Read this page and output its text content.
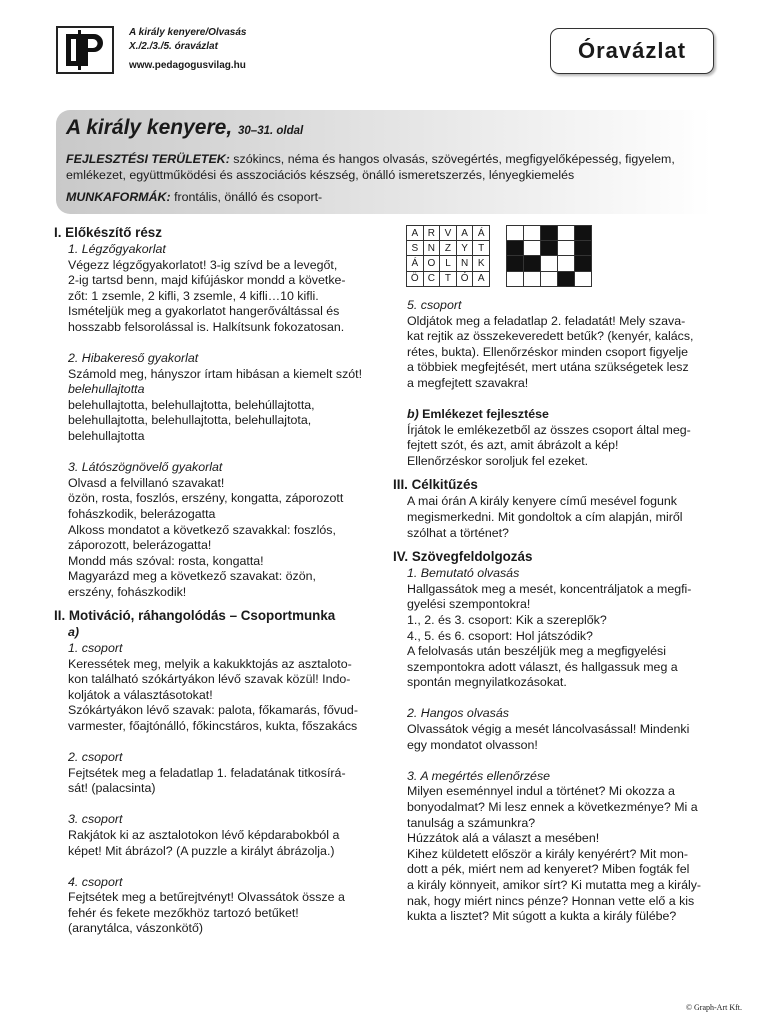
A király kenyere/Olvasás
X./2./3./5. óravázlat
www.pedagogusvilag.hu
Óravázlat
A király kenyere, 30–31. oldal
FEJLESZTÉSI TERÜLETEK: szókincs, néma és hangos olvasás, szövegértés, megfigyelőképesség, figyelem, emlékezet, együttműködési és asszociációs készség, önálló ismeretszerzés, lényegkiemelés
MUNKAFORMÁK: frontális, önálló és csoport-
I. Előkészítő rész
1. Légzőgyakorlat
Végezz légzőgyakorlatot! 3-ig szívd be a levegőt,
2-ig tartsd benn, majd kifújáskor mondd a követke-
zőt: 1 zsemle, 2 kifli, 3 zsemle, 4 kifli…10 kifli.
Ismételjük meg a gyakorlatot hangerőváltással és
hosszabb felsorolással is. Halkítsunk fokozatosan.
2. Hibakereső gyakorlat
Számold meg, hányszor írtam hibásan a kiemelt szót!
belehullajtotta
belehullajtotta, belehullajtotta, belehúllajtotta,
belehullajtotta, belehullajtotta, belehullajtota,
belehullajtotta
3. Látószögnövelő gyakorlat
Olvasd a felvillanó szavakat!
özön, rosta, foszlós, erszény, kongatta, záporozott
fohászkodik, belerázogatta
Alkoss mondatot a következő szavakkal: foszlós,
záporozott, belerázogatta!
Mondd más szóval: rosta, kongatta!
Magyarázd meg a következő szavakat: özön,
erszény, fohászkodik!
II. Motiváció, ráhangolódás – Csoportmunka
a)
1. csoport
Keressétek meg, melyik a kakukktojás az asztaloto-
kon található szókártyákon lévő szavak közül! Indo-
koljátok a választásotokat!
Szókártyákon lévő szavak: palota, főkamarás, fővud-
varmester, főajtónálló, főkincstáros, kukta, főszakács
2. csoport
Fejtsétek meg a feladatlap 1. feladatának titkosírá-
sát! (palacsinta)
3. csoport
Rakjátok ki az asztalotokon lévő képdarabokból a
képet! Mit ábrázol? (A puzzle a királyt ábrázolja.)
4. csoport
Fejtsétek meg a betűrejtvényt! Olvassátok össze a
fehér és fekete mezőkhöz tartozó betűket!
(aranytálca, vászonkötő)
5. csoport
Oldjátok meg a feladatlap 2. feladatát! Mely szava-
kat rejtik az összekeveredett betűk? (kenyér, kalács,
rétes, bukta). Ellenőrzéskor minden csoport figyelje
a többiek megfejtését, mert utána szükségetek lesz
a megfejtett szavakra!
b) Emlékezet fejlesztése
Írjátok le emlékezetből az összes csoport által meg-
fejtett szót, és azt, amit ábrázolt a kép!
Ellenőrzéskor soroljuk fel ezeket.
III. Célkitűzés
A mai órán A király kenyere című mesével fogunk
megismerkedni. Mit gondoltok a cím alapján, miről
szólhat a történet?
IV. Szövegfeldolgozás
1. Bemutató olvasás
Hallgassátok meg a mesét, koncentráljatok a megfi-
gyelési szempontokra!
1., 2. és 3. csoport: Kik a szereplők?
4., 5. és 6. csoport: Hol játszódik?
A felolvasás után beszéljük meg a megfigyelési
szempontokra adott választ, és hallgassuk meg a
spontán megnyilatkozásokat.
2. Hangos olvasás
Olvassátok végig a mesét láncolvasással! Mindenki
egy mondatot olvasson!
3. A megértés ellenőrzése
Milyen eseménnyel indul a történet? Mi okozza a
bonyodalmat? Mi lesz ennek a következménye? Mi a
tanulság a számunkra?
Húzzátok alá a választ a mesében!
Kihez küldetett először a király kenyérért? Mit mon-
dott a pék, miért nem ad kenyeret? Miben fogták fel
a király könnyeit, amikor sírt? Ki mutatta meg a király-
nak, hogy miért nincs pénze? Honnan vette elő a kis
kukta a lisztet? Mit súgott a kukta a király fülébe?
A	R	V	A	Á
S	N	Z	Y	T
Á	O	L	N	K
Ö	C	T	Ó	A

© Graph-Art Kft.
